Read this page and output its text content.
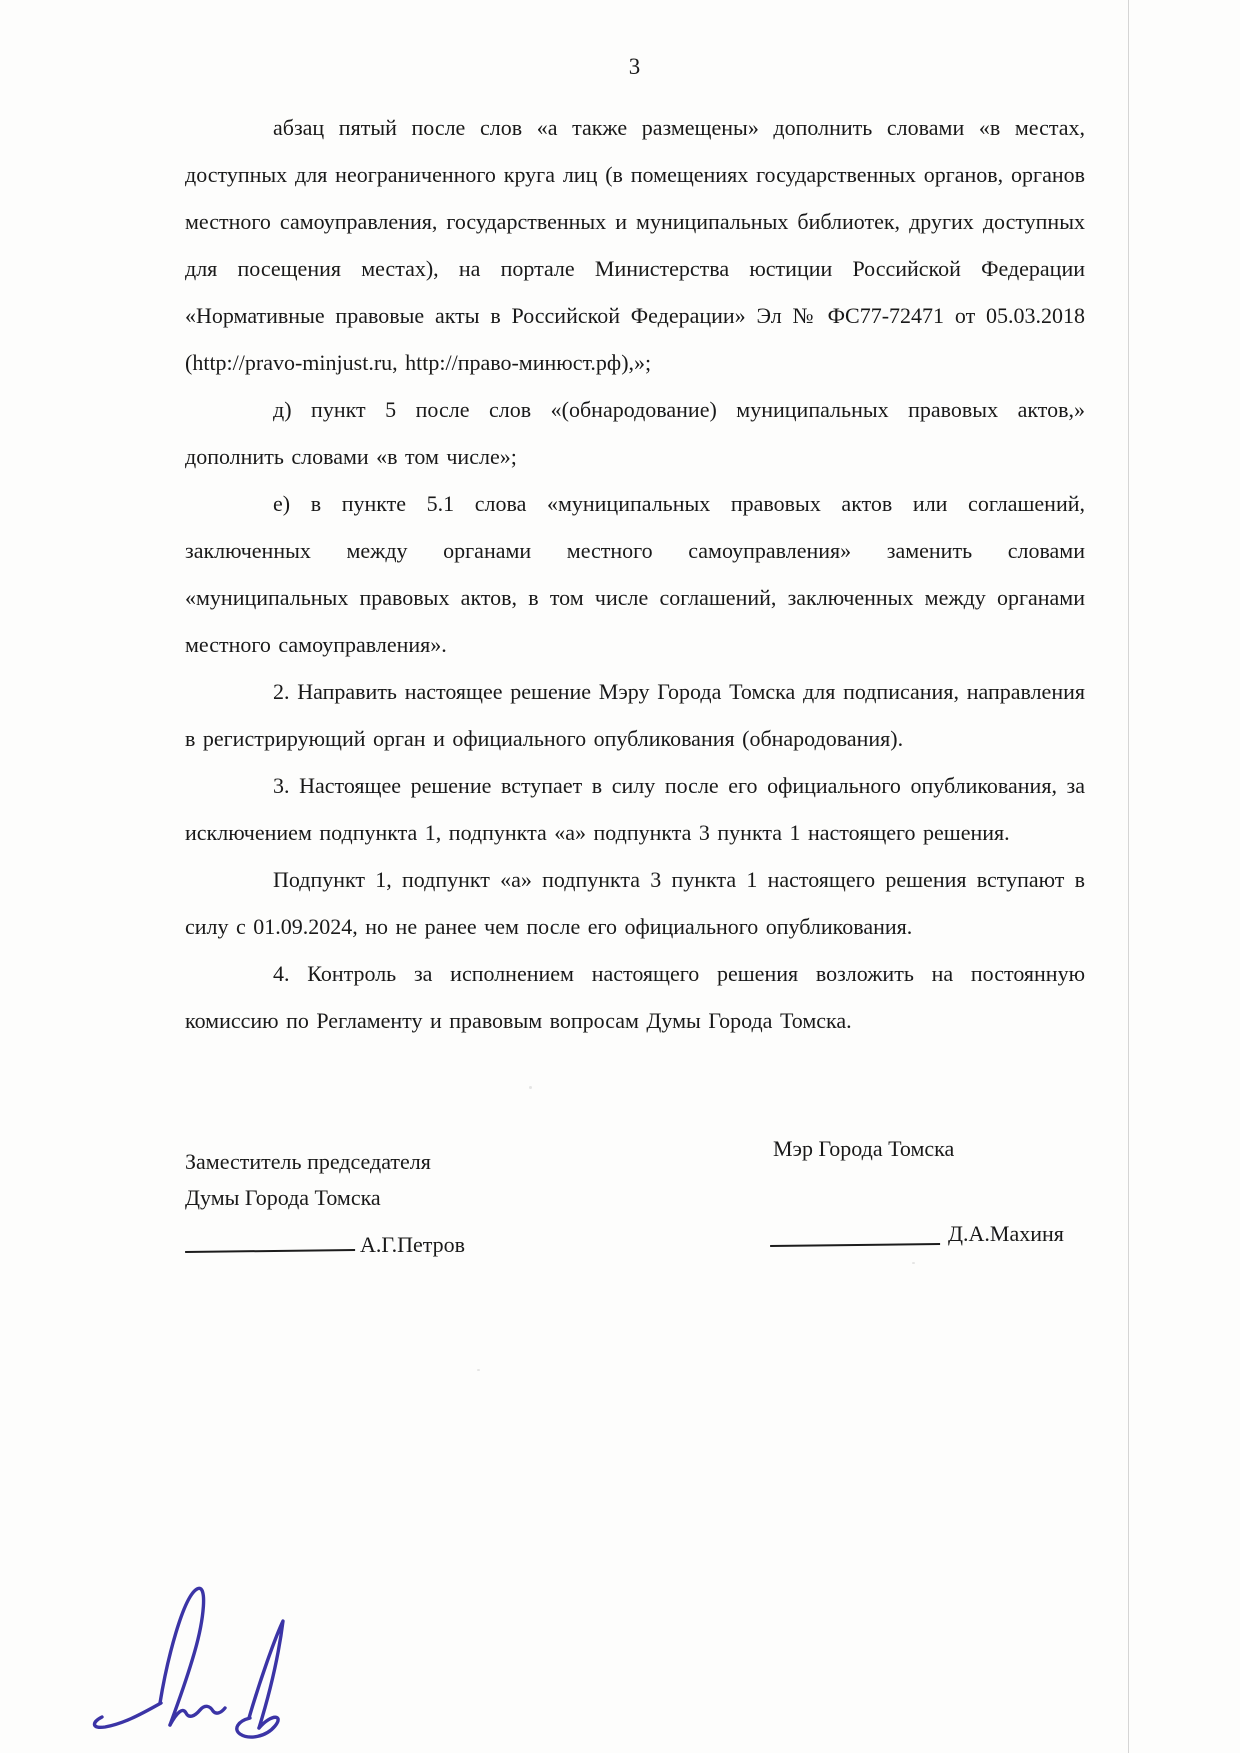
3

абзац пятый после слов «а также размещены» дополнить словами «в местах, доступных для неограниченного круга лиц (в помещениях государственных органов, органов местного самоуправления, государственных и муниципальных библиотек, других доступных для посещения местах), на портале Министерства юстиции Российской Федерации «Нормативные правовые акты в Российской Федерации» Эл № ФС77-72471 от 05.03.2018 (http://pravo-minjust.ru, http://право-минюст.рф),»;

д) пункт 5 после слов «(обнародование) муниципальных правовых актов,» дополнить словами «в том числе»;

е) в пункте 5.1 слова «муниципальных правовых актов или соглашений, заключенных между органами местного самоуправления» заменить словами «муниципальных правовых актов, в том числе соглашений, заключенных между органами местного самоуправления».

2. Направить настоящее решение Мэру Города Томска для подписания, направления в регистрирующий орган и официального опубликования (обнародования).

3. Настоящее решение вступает в силу после его официального опубликования, за исключением подпункта 1, подпункта «а» подпункта 3 пункта 1 настоящего решения.

Подпункт 1, подпункт «а» подпункта 3 пункта 1 настоящего решения вступают в силу с 01.09.2024, но не ранее чем после его официального опубликования.

4. Контроль за исполнением настоящего решения возложить на постоянную комиссию по Регламенту и правовым вопросам Думы Города Томска.

Заместитель председателя
Думы Города Томска
Мэр Города Томска
А.Г.Петров	Д.А.Махиня
